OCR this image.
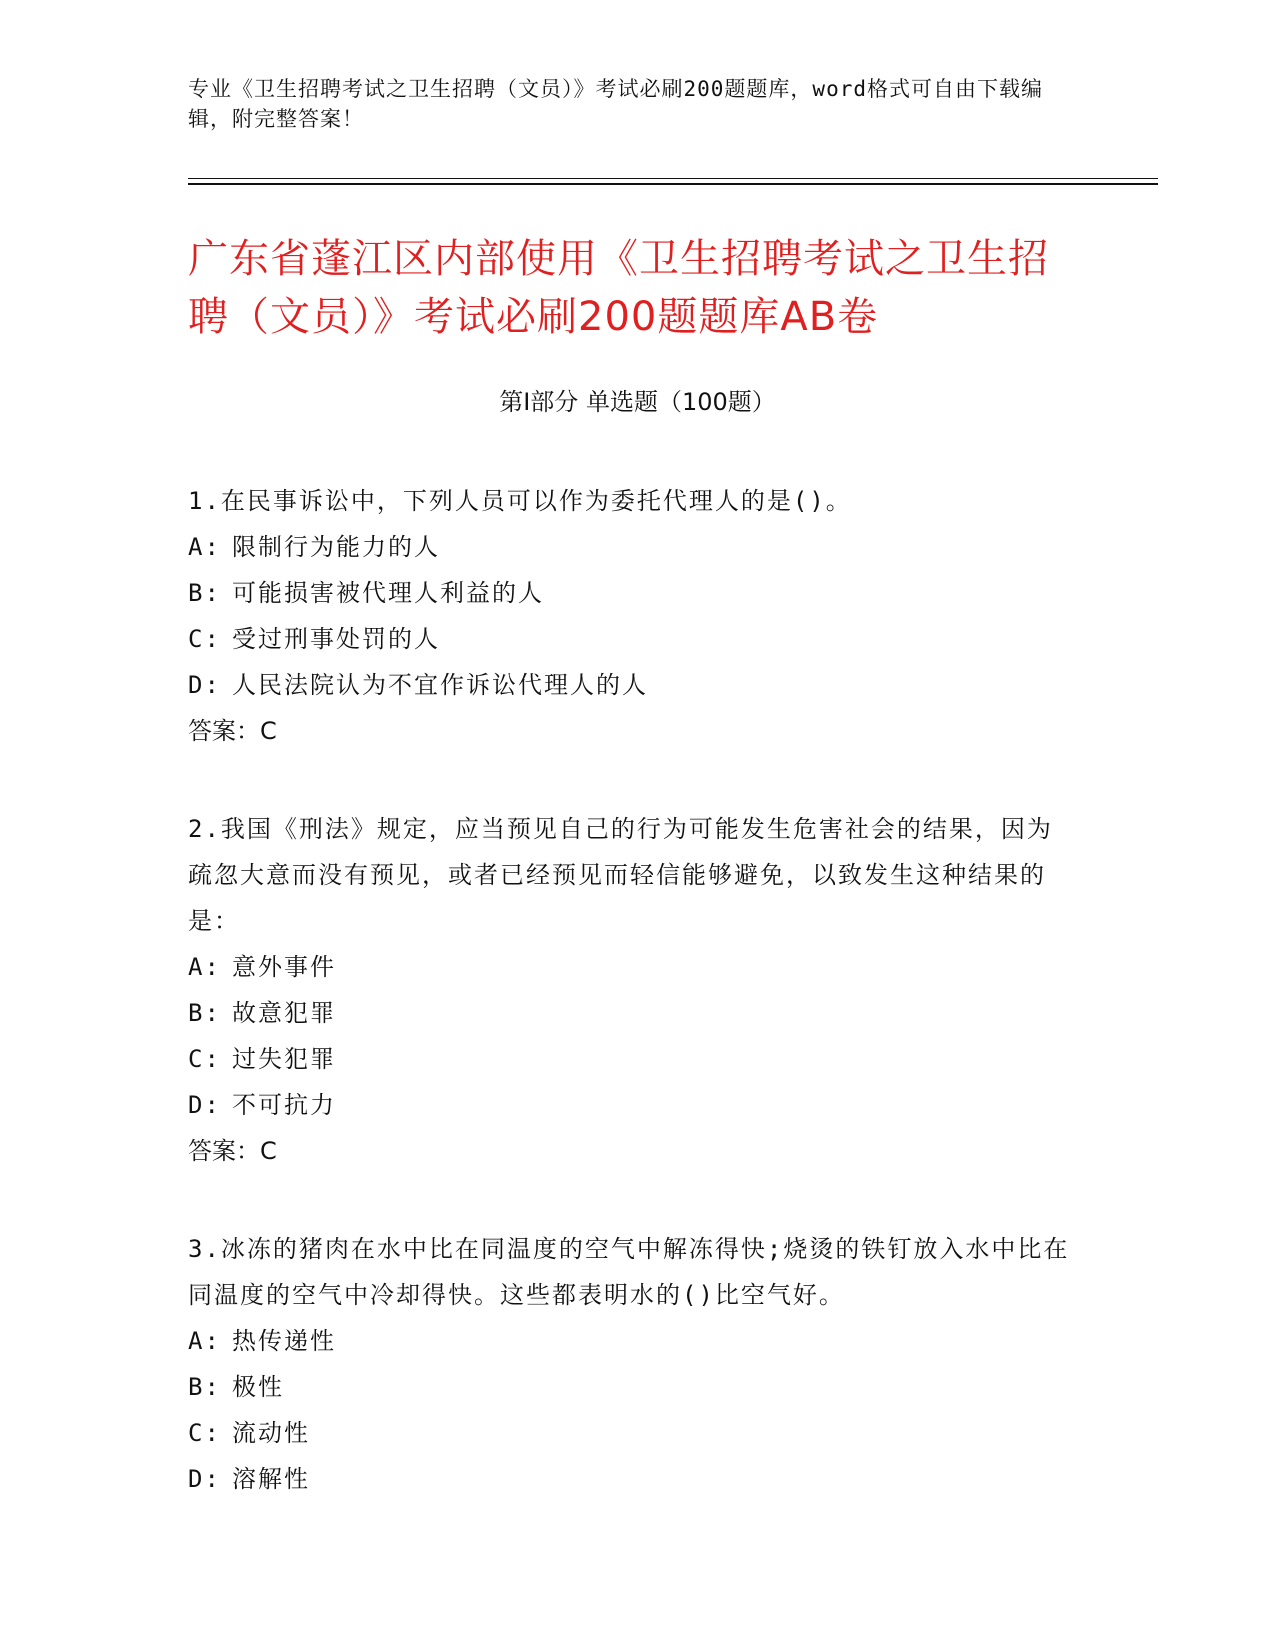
专业《卫生招聘考试之卫生招聘（文员）》考试必刷200题题库，word格式可自由下载编辑，附完整答案！
广东省蓬江区内部使用《卫生招聘考试之卫生招聘（文员）》考试必刷200题题库AB卷
第Ⅰ部分 单选题（100题）
1.在民事诉讼中，下列人员可以作为委托代理人的是()。
A: 限制行为能力的人
B: 可能损害被代理人利益的人
C: 受过刑事处罚的人
D: 人民法院认为不宜作诉讼代理人的人
答案：C
2.我国《刑法》规定，应当预见自己的行为可能发生危害社会的结果，因为疏忽大意而没有预见，或者已经预见而轻信能够避免，以致发生这种结果的是：
A: 意外事件
B: 故意犯罪
C: 过失犯罪
D: 不可抗力
答案：C
3.冰冻的猪肉在水中比在同温度的空气中解冻得快;烧烫的铁钉放入水中比在同温度的空气中冷却得快。这些都表明水的()比空气好。
A: 热传递性
B: 极性
C: 流动性
D: 溶解性
